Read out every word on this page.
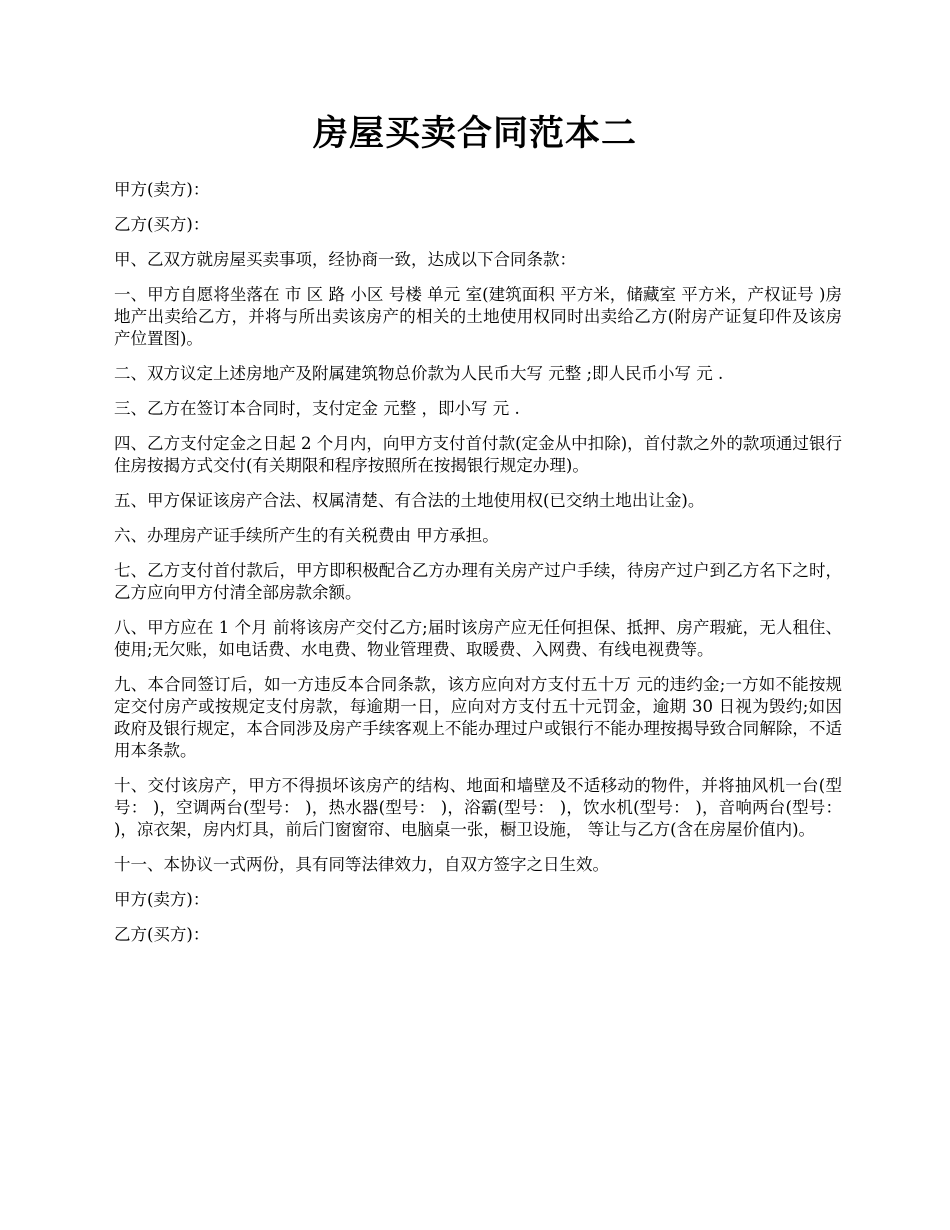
房屋买卖合同范本二

甲方(卖方)：

乙方(买方)：

甲、乙双方就房屋买卖事项，经协商一致，达成以下合同条款：

一、甲方自愿将坐落在 市 区 路 小区 号楼 单元 室(建筑面积 平方米，储藏室 平方米，产权证号 )房地产出卖给乙方，并将与所出卖该房产的相关的土地使用权同时出卖给乙方(附房产证复印件及该房产位置图)。

二、双方议定上述房地产及附属建筑物总价款为人民币大写 元整 ;即人民币小写 元 .

三、乙方在签订本合同时，支付定金 元整 ，即小写 元 .

四、乙方支付定金之日起 2 个月内，向甲方支付首付款(定金从中扣除)，首付款之外的款项通过银行住房按揭方式交付(有关期限和程序按照所在按揭银行规定办理)。

五、甲方保证该房产合法、权属清楚、有合法的土地使用权(已交纳土地出让金)。

六、办理房产证手续所产生的有关税费由 甲方承担。

七、乙方支付首付款后，甲方即积极配合乙方办理有关房产过户手续，待房产过户到乙方名下之时，乙方应向甲方付清全部房款余额。

八、甲方应在 1 个月 前将该房产交付乙方;届时该房产应无任何担保、抵押、房产瑕疵，无人租住、使用;无欠账，如电话费、水电费、物业管理费、取暖费、入网费、有线电视费等。

九、本合同签订后，如一方违反本合同条款，该方应向对方支付五十万 元的违约金;一方如不能按规定交付房产或按规定支付房款，每逾期一日，应向对方支付五十元罚金，逾期 30 日视为毁约;如因政府及银行规定，本合同涉及房产手续客观上不能办理过户或银行不能办理按揭导致合同解除，不适用本条款。

十、交付该房产，甲方不得损坏该房产的结构、地面和墙壁及不适移动的物件，并将抽风机一台(型号： )，空调两台(型号： )，热水器(型号： )，浴霸(型号： )，饮水机(型号： )，音响两台(型号： )，凉衣架，房内灯具，前后门窗窗帘、电脑桌一张，橱卫设施， 等让与乙方(含在房屋价值内)。

十一、本协议一式两份，具有同等法律效力，自双方签字之日生效。

甲方(卖方)：

乙方(买方)：
